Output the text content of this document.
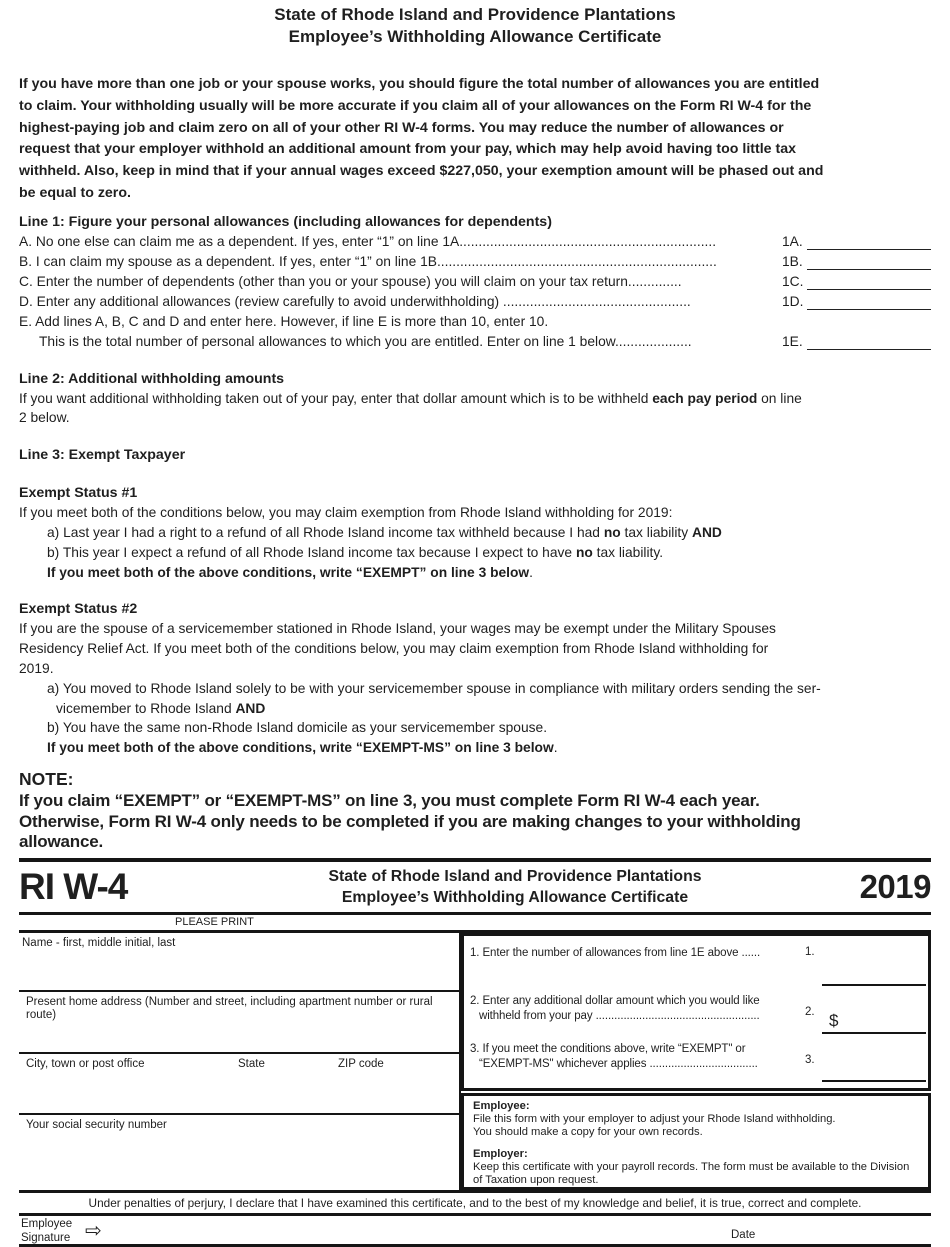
State of Rhode Island and Providence Plantations
Employee’s Withholding Allowance Certificate
If you have more than one job or your spouse works, you should figure the total number of allowances you are entitled
to claim. Your withholding usually will be more accurate if you claim all of your allowances on the Form RI W-4 for the
highest-paying job and claim zero on all of your other RI W-4 forms. You may reduce the number of allowances or
request that your employer withhold an additional amount from your pay, which may help avoid having too little tax
withheld. Also, keep in mind that if your annual wages exceed $227,050, your exemption amount will be phased out and
be equal to zero.
Line 1: Figure your personal allowances (including allowances for dependents)
A. No one else can claim me as a dependent. If yes, enter “1” on line 1A...................................................................	1A.
B. I can claim my spouse as a dependent. If yes, enter “1” on line 1B.........................................................................	1B.
C. Enter the number of dependents (other than you or your spouse) you will claim on your tax return..............	1C.
D. Enter any additional allowances (review carefully to avoid underwithholding) .................................................	1D.
E. Add lines A, B, C and D and enter here. However, if line E is more than 10, enter 10.
This is the total number of personal allowances to which you are entitled. Enter on line 1 below....................	1E.
Line 2: Additional withholding amounts
If you want additional withholding taken out of your pay, enter that dollar amount which is to be withheld each pay period on line
2 below.
Line 3: Exempt Taxpayer
Exempt Status #1
If you meet both of the conditions below, you may claim exemption from Rhode Island withholding for 2019:
a) Last year I had a right to a refund of all Rhode Island income tax withheld because I had no tax liability AND
b) This year I expect a refund of all Rhode Island income tax because I expect to have no tax liability.
If you meet both of the above conditions, write “EXEMPT” on line 3 below.
Exempt Status #2
If you are the spouse of a servicemember stationed in Rhode Island, your wages may be exempt under the Military Spouses
Residency Relief Act. If you meet both of the conditions below, you may claim exemption from Rhode Island withholding for
2019.
a) You moved to Rhode Island solely to be with your servicemember spouse in compliance with military orders sending the ser-
vicemember to Rhode Island AND
b) You have the same non-Rhode Island domicile as your servicemember spouse.
If you meet both of the above conditions, write “EXEMPT-MS” on line 3 below.
NOTE:
If you claim “EXEMPT” or “EXEMPT-MS” on line 3, you must complete Form RI W-4 each year.
Otherwise, Form RI W-4 only needs to be completed if you are making changes to your withholding
allowance.
RI W-4	State of Rhode Island and Providence Plantations
Employee’s Withholding Allowance Certificate	2019
PLEASE PRINT
Name - first, middle initial, last
Present home address (Number and street, including apartment number or rural route)
City, town or post office	State	ZIP code
Your social security number
1. Enter the number of allowances from line 1E above ......	1.
2. Enter any additional dollar amount which you would like
withheld from your pay .....................................................	2. $
3. If you meet the conditions above, write “EXEMPT" or
“EXEMPT-MS" whichever applies ...................................	3.
Employee:
File this form with your employer to adjust your Rhode Island withholding.
You should make a copy for your own records.
Employer:
Keep this certificate with your payroll records. The form must be available to the Division of Taxation upon request.
Under penalties of perjury, I declare that I have examined this certificate, and to the best of my knowledge and belief, it is true, correct and complete.
Employee
Signature ⇨	Date
